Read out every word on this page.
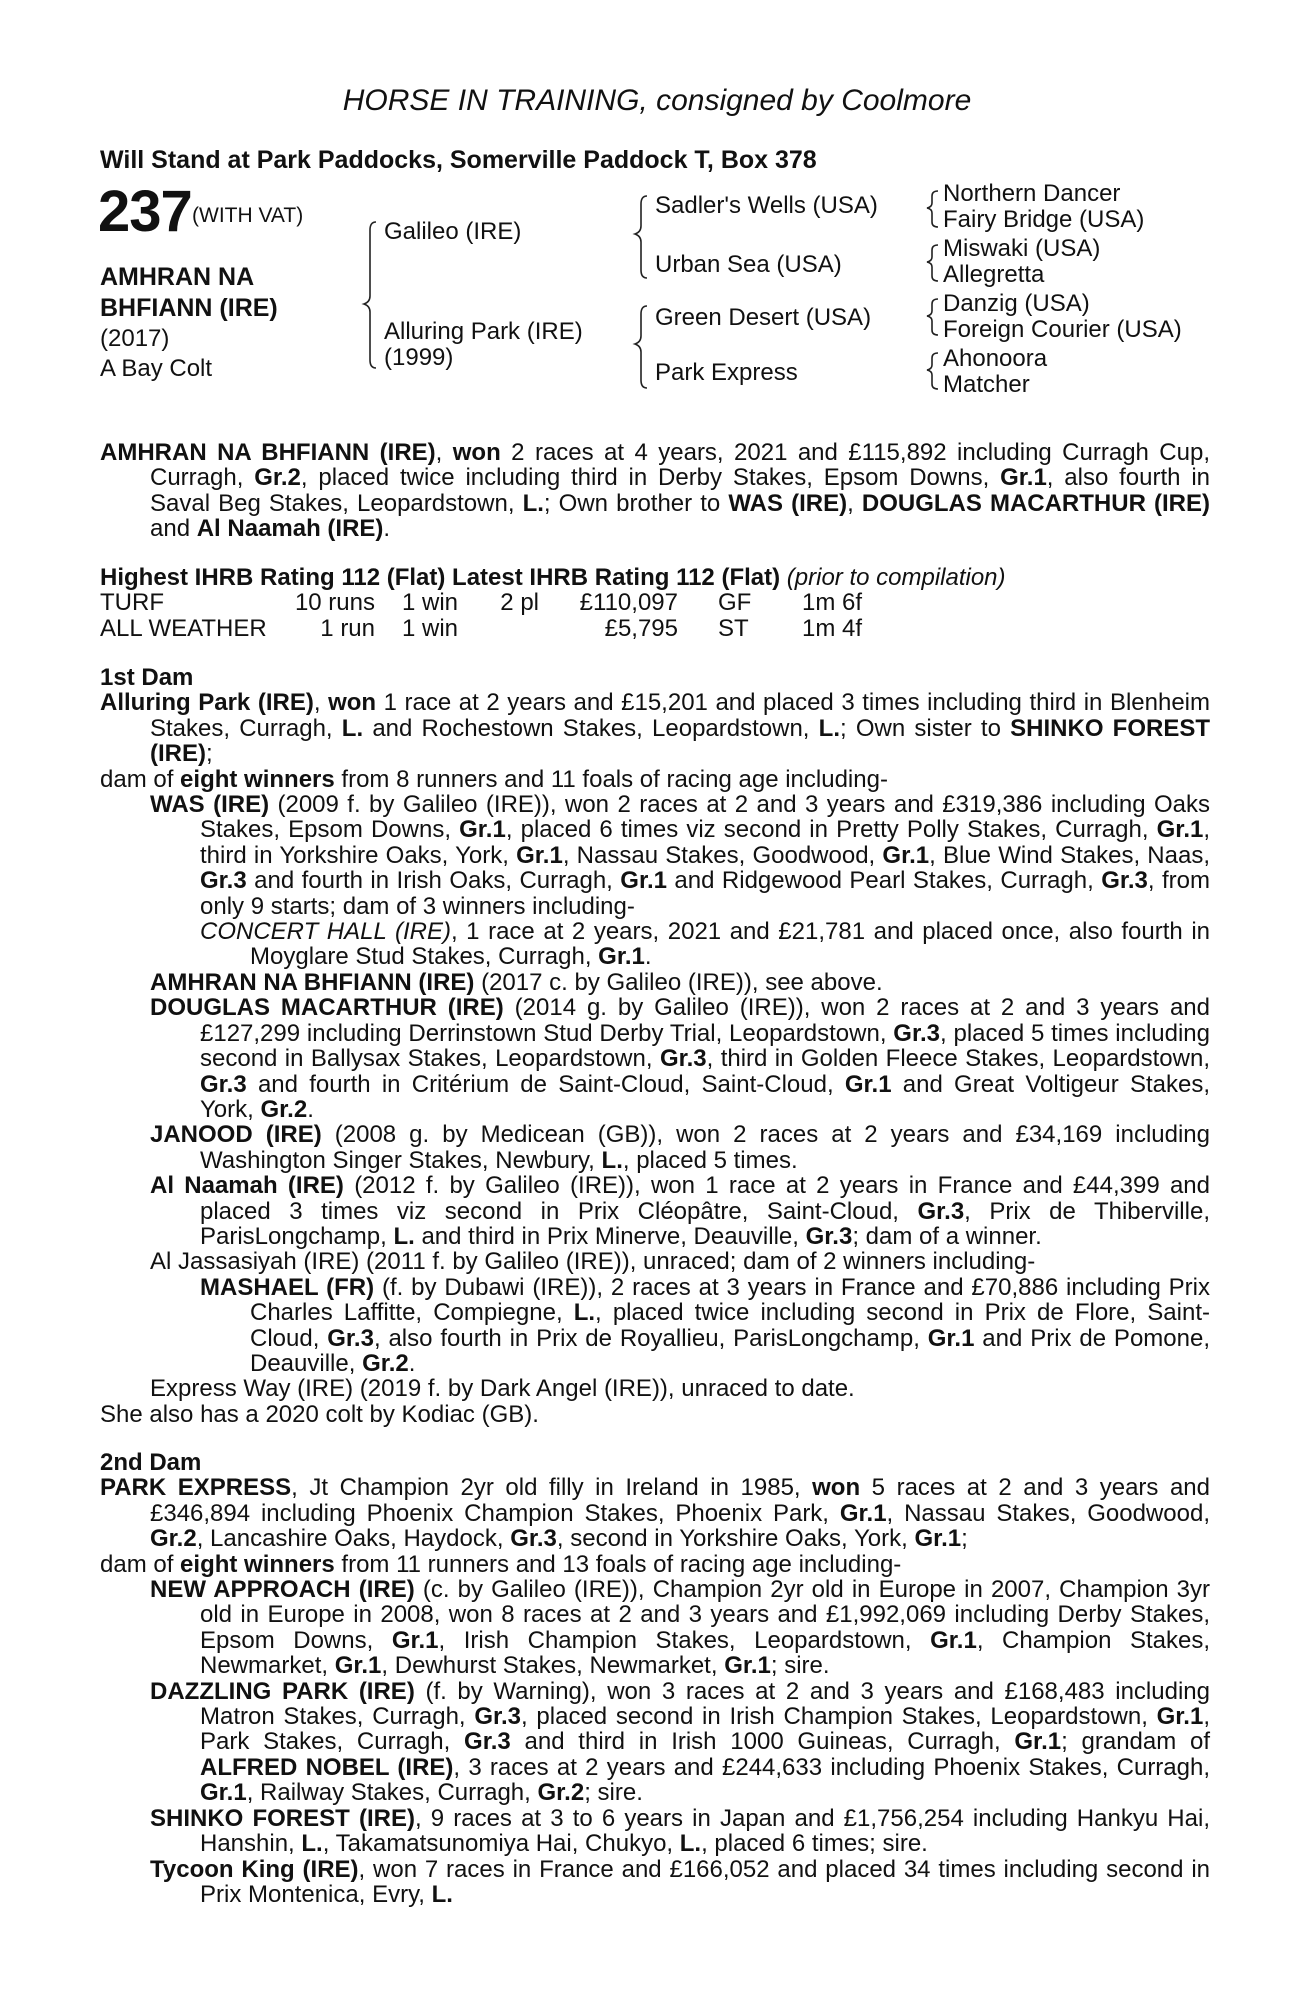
HORSE IN TRAINING, consigned by Coolmore
Will Stand at Park Paddocks, Somerville Paddock T, Box 378
237 (WITH VAT)
AMHRAN NA
BHFIANN (IRE)
(2017)
A Bay Colt
Galileo (IRE)
Alluring Park (IRE)
(1999)
Sadler's Wells (USA)
Urban Sea (USA)
Green Desert (USA)
Park Express
Northern Dancer
Fairy Bridge (USA)
Miswaki (USA)
Allegretta
Danzig (USA)
Foreign Courier (USA)
Ahonoora
Matcher
AMHRAN NA BHFIANN (IRE), won 2 races at 4 years, 2021 and £115,892 including Curragh Cup, Curragh, Gr.2, placed twice including third in Derby Stakes, Epsom Downs, Gr.1, also fourth in Saval Beg Stakes, Leopardstown, L.; Own brother to WAS (IRE), DOUGLAS MACARTHUR (IRE) and Al Naamah (IRE).
Highest IHRB Rating 112 (Flat) Latest IHRB Rating 112 (Flat) (prior to compilation)
TURF	10 runs	1 win	2 pl	£110,097	GF	1m 6f
ALL WEATHER	1 run	1 win		£5,795	ST	1m 4f
1st Dam
Alluring Park (IRE), won 1 race at 2 years and £15,201 and placed 3 times including third in Blenheim Stakes, Curragh, L. and Rochestown Stakes, Leopardstown, L.; Own sister to SHINKO FOREST (IRE);
dam of eight winners from 8 runners and 11 foals of racing age including-
WAS (IRE) (2009 f. by Galileo (IRE)), won 2 races at 2 and 3 years and £319,386 including Oaks Stakes, Epsom Downs, Gr.1, placed 6 times viz second in Pretty Polly Stakes, Curragh, Gr.1, third in Yorkshire Oaks, York, Gr.1, Nassau Stakes, Goodwood, Gr.1, Blue Wind Stakes, Naas, Gr.3 and fourth in Irish Oaks, Curragh, Gr.1 and Ridgewood Pearl Stakes, Curragh, Gr.3, from only 9 starts; dam of 3 winners including-
CONCERT HALL (IRE), 1 race at 2 years, 2021 and £21,781 and placed once, also fourth in Moyglare Stud Stakes, Curragh, Gr.1.
AMHRAN NA BHFIANN (IRE) (2017 c. by Galileo (IRE)), see above.
DOUGLAS MACARTHUR (IRE) (2014 g. by Galileo (IRE)), won 2 races at 2 and 3 years and £127,299 including Derrinstown Stud Derby Trial, Leopardstown, Gr.3, placed 5 times including second in Ballysax Stakes, Leopardstown, Gr.3, third in Golden Fleece Stakes, Leopardstown, Gr.3 and fourth in Critérium de Saint-Cloud, Saint-Cloud, Gr.1 and Great Voltigeur Stakes, York, Gr.2.
JANOOD (IRE) (2008 g. by Medicean (GB)), won 2 races at 2 years and £34,169 including Washington Singer Stakes, Newbury, L., placed 5 times.
Al Naamah (IRE) (2012 f. by Galileo (IRE)), won 1 race at 2 years in France and £44,399 and placed 3 times viz second in Prix Cléopâtre, Saint-Cloud, Gr.3, Prix de Thiberville, ParisLongchamp, L. and third in Prix Minerve, Deauville, Gr.3; dam of a winner.
Al Jassasiyah (IRE) (2011 f. by Galileo (IRE)), unraced; dam of 2 winners including-
MASHAEL (FR) (f. by Dubawi (IRE)), 2 races at 3 years in France and £70,886 including Prix Charles Laffitte, Compiegne, L., placed twice including second in Prix de Flore, Saint-Cloud, Gr.3, also fourth in Prix de Royallieu, ParisLongchamp, Gr.1 and Prix de Pomone, Deauville, Gr.2.
Express Way (IRE) (2019 f. by Dark Angel (IRE)), unraced to date.
She also has a 2020 colt by Kodiac (GB).
2nd Dam
PARK EXPRESS, Jt Champion 2yr old filly in Ireland in 1985, won 5 races at 2 and 3 years and £346,894 including Phoenix Champion Stakes, Phoenix Park, Gr.1, Nassau Stakes, Goodwood, Gr.2, Lancashire Oaks, Haydock, Gr.3, second in Yorkshire Oaks, York, Gr.1;
dam of eight winners from 11 runners and 13 foals of racing age including-
NEW APPROACH (IRE) (c. by Galileo (IRE)), Champion 2yr old in Europe in 2007, Champion 3yr old in Europe in 2008, won 8 races at 2 and 3 years and £1,992,069 including Derby Stakes, Epsom Downs, Gr.1, Irish Champion Stakes, Leopardstown, Gr.1, Champion Stakes, Newmarket, Gr.1, Dewhurst Stakes, Newmarket, Gr.1; sire.
DAZZLING PARK (IRE) (f. by Warning), won 3 races at 2 and 3 years and £168,483 including Matron Stakes, Curragh, Gr.3, placed second in Irish Champion Stakes, Leopardstown, Gr.1, Park Stakes, Curragh, Gr.3 and third in Irish 1000 Guineas, Curragh, Gr.1; grandam of ALFRED NOBEL (IRE), 3 races at 2 years and £244,633 including Phoenix Stakes, Curragh, Gr.1, Railway Stakes, Curragh, Gr.2; sire.
SHINKO FOREST (IRE), 9 races at 3 to 6 years in Japan and £1,756,254 including Hankyu Hai, Hanshin, L., Takamatsunomiya Hai, Chukyo, L., placed 6 times; sire.
Tycoon King (IRE), won 7 races in France and £166,052 and placed 34 times including second in Prix Montenica, Evry, L.
